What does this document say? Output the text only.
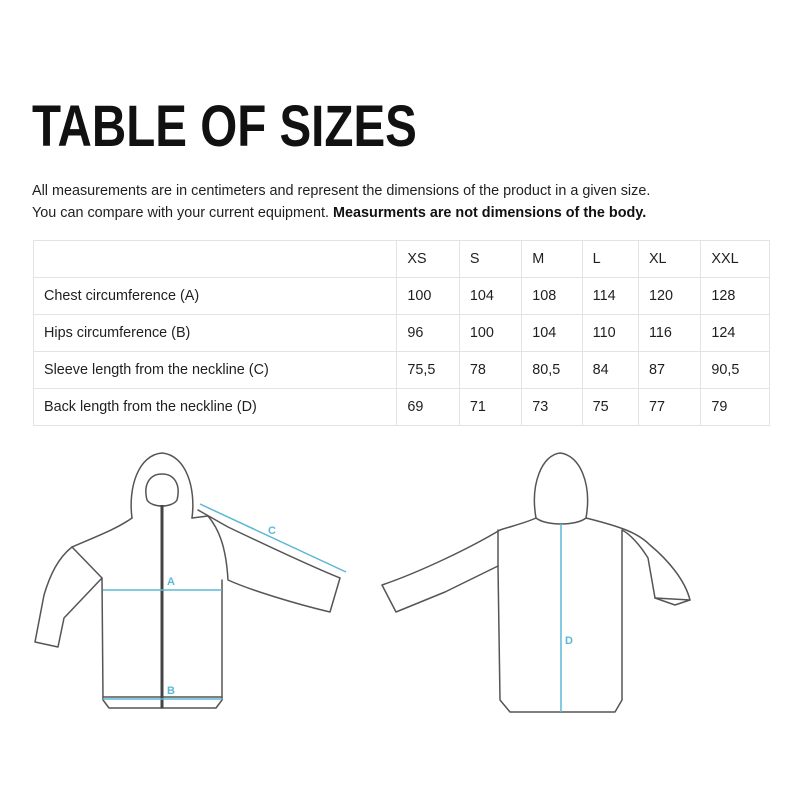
TABLE OF SIZES
All measurements are in centimeters and represent the dimensions of the product in a given size.
You can compare with your current equipment. Measurments are not dimensions of the body.
	XS	S	M	L	XL	XXL
Chest circumference (A)	100	104	108	114	120	128
Hips circumference (B)	96	100	104	110	116	124
Sleeve length from the neckline (C)	75,5	78	80,5	84	87	90,5
Back length from the neckline (D)	69	71	73	75	77	79
A
B
C
D
